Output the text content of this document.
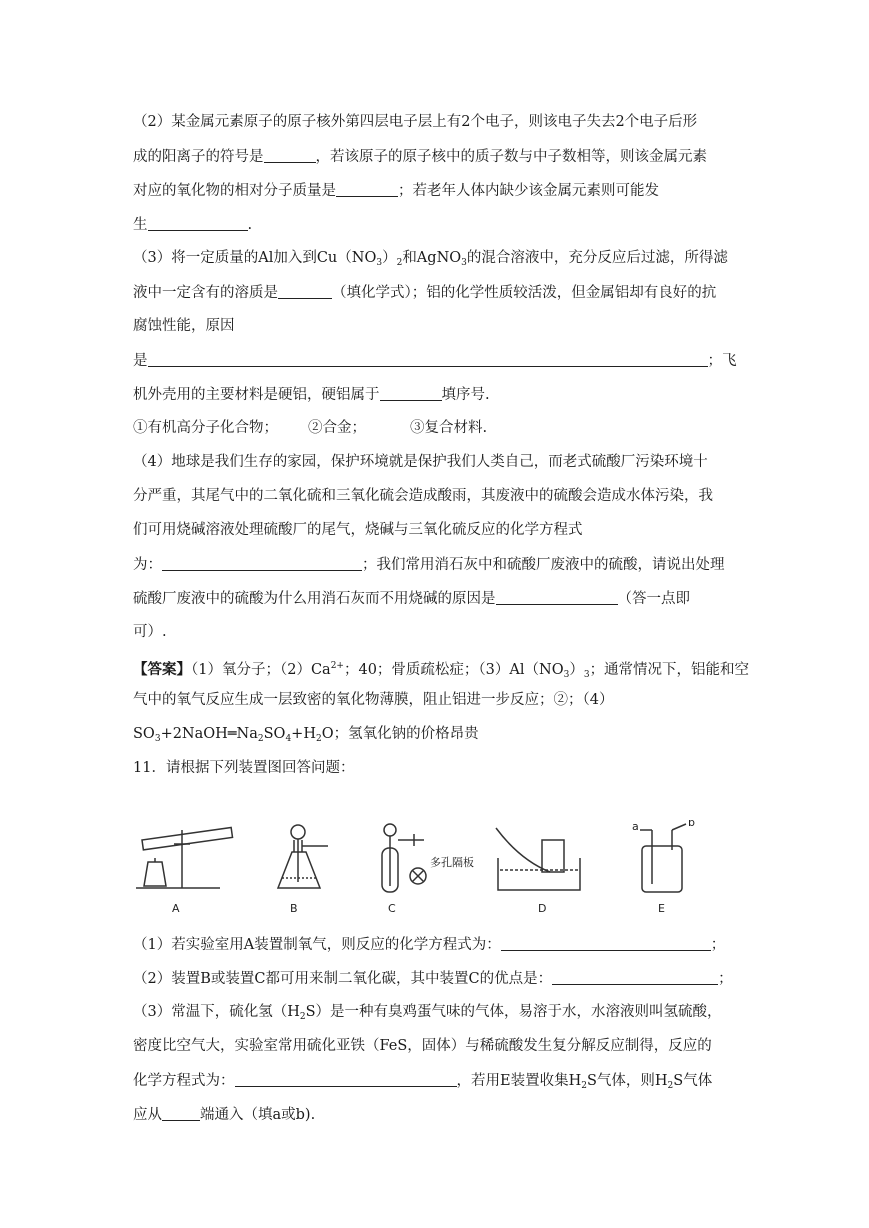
（2）某金属元素原子的原子核外第四层电子层上有2个电子，则该电子失去2个电子后形
成的阳离子的符号是	，若该原子的原子核中的质子数与中子数相等，则该金属元素
对应的氧化物的相对分子质量是	；若老年人体内缺少该金属元素则可能发
生	.
（3）将一定质量的Al加入到$Cu(NO_3)_2$和AgNO$_3$的混合溶液中，充分反应后过滤，所得滤
液中一定含有的溶质是	（填化学式）；铝的化学性质较活泼，但金属铝却有良好的抗
腐蚀性能，原因
是	；飞
机外壳用的主要材料是硬铝，硬铝属于	填序号.
①有机高分子化合物； ②合金；	③复合材料.
（4）地球是我们生存的家园，保护环境就是保护我们人类自己，而老式硫酸厂污染环境十
分严重，其尾气中的二氧化硫和三氧化硫会造成酸雨，其废液中的硫酸会造成水体污染，我
们可用烧碱溶液处理硫酸厂的尾气，烧碱与三氧化硫反应的化学方程式
为：	；我们常用消石灰中和硫酸厂废液中的硫酸，请说出处理
硫酸厂废液中的硫酸为什么用消石灰而不用烧碱的原因是	（答一点即
可）.
【答案】（1）氧分子；$(2)Ca^{2+}$；40；骨质疏松症；$(3)Al(NO_3)_3$；通常情况下，铝能和空
气中的氧气反应生成一层致密的氧化物薄膜，阻止铝进一步反应；②；（4）
$SO_3+2NaOH═Na_2SO_4+H_2O$；氢氧化钠的价格昂贵
11．请根据下列装置图回答问题：
多孔隔板
a	b
A	B	C	D	E
（1）若实验室用A装置制氧气，则反应的化学方程式为：	；
（2）装置B或装置C都可用来制二氧化碳，其中装置C的优点是：	；
（3）常温下，硫化氢$(H_2S)$是一种有臭鸡蛋气味的气体，易溶于水，水溶液则叫氢硫酸，
密度比空气大，实验室常用硫化亚铁（FeS，固体）与稀硫酸发生复分解反应制得，反应的
化学方程式为：	，若用E装置收集$H_2S$气体，则$H_2S$气体
应从	端通入（填a或b).
